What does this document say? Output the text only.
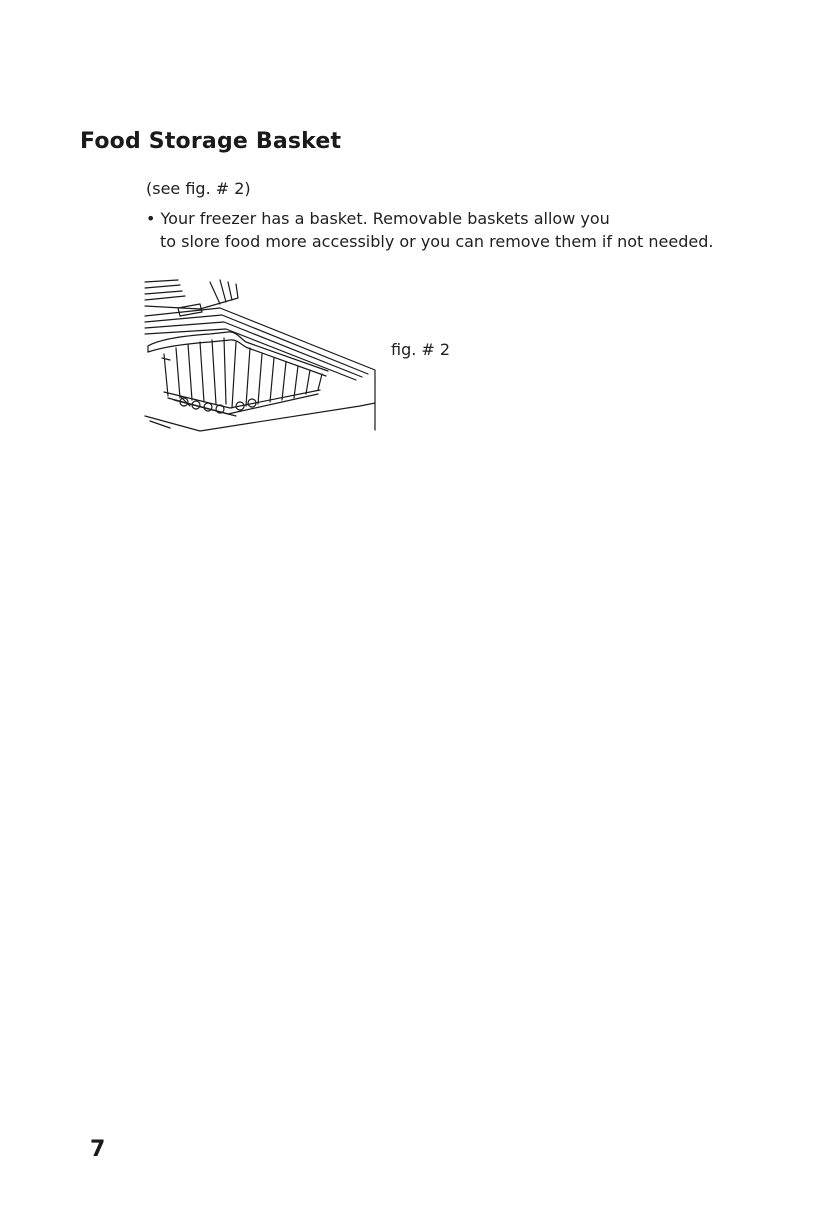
Food Storage Basket

(see fig. # 2)

• Your freezer has a basket. Removable baskets allow you

to slore food more accessibly or you can remove them if not needed.

fig. # 2

7
